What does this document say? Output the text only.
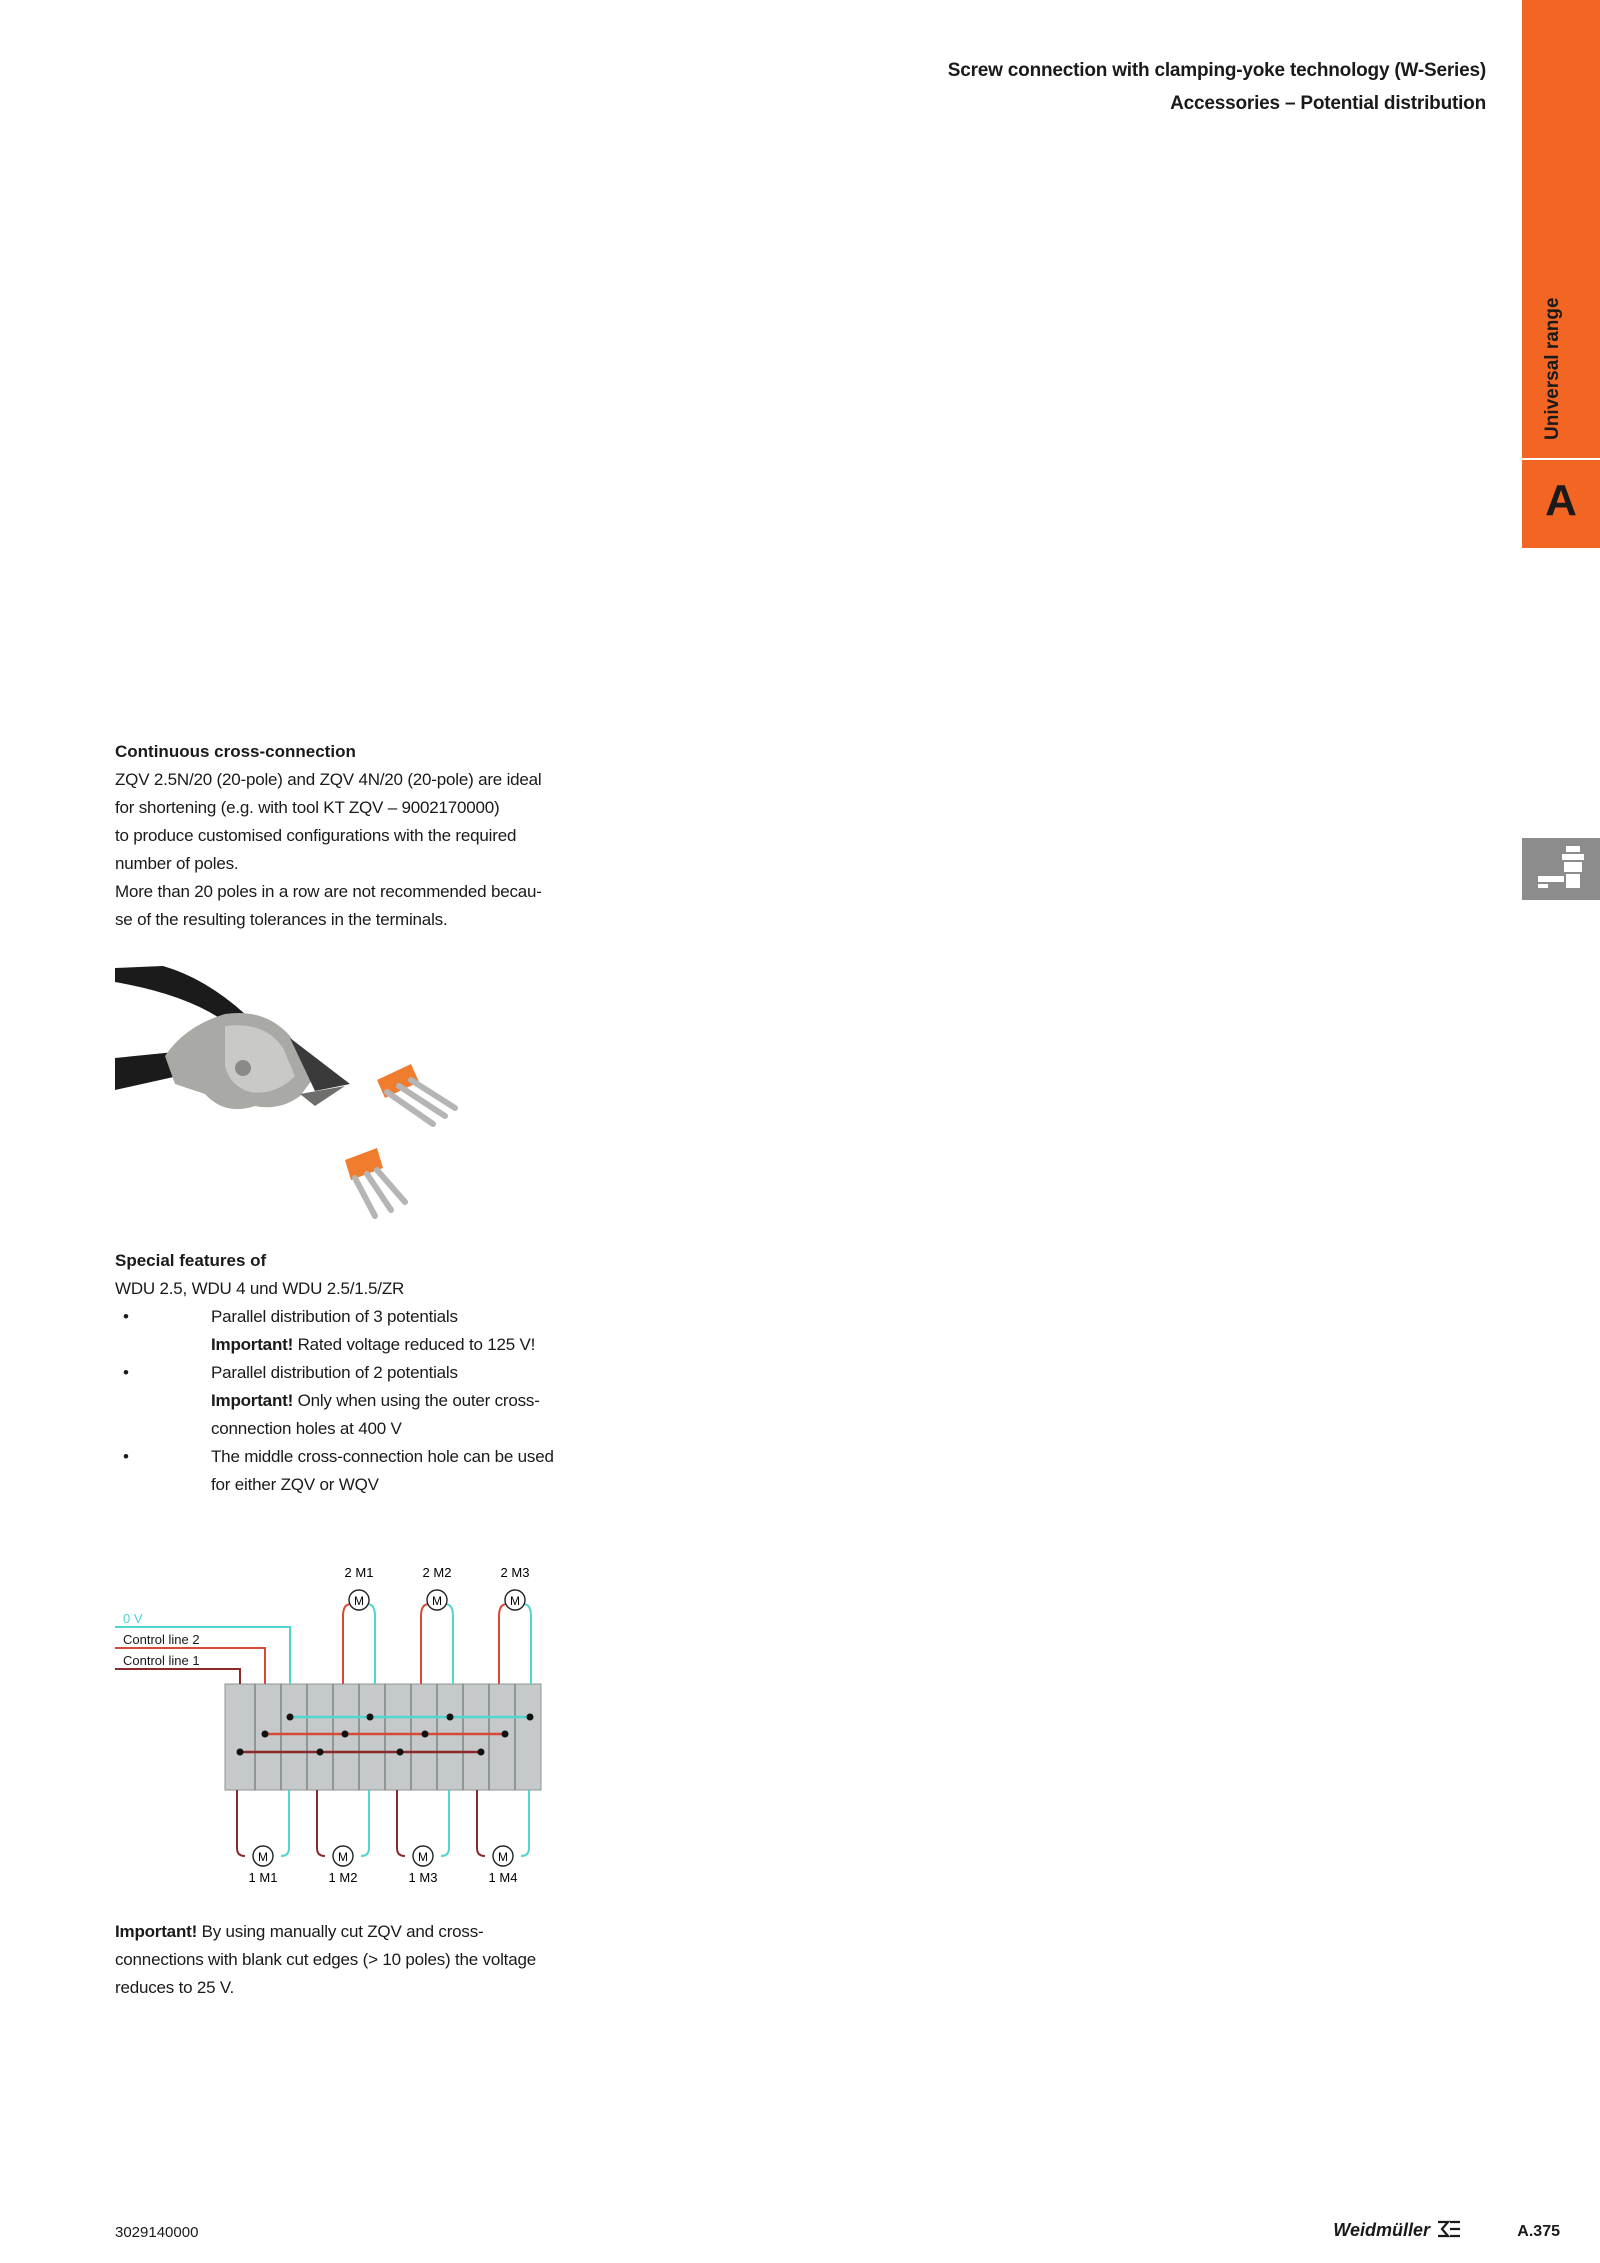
Screw connection with clamping-yoke technology (W-Series)
Accessories – Potential distribution
Universal range
A
Continuous cross-connection

ZQV 2.5N/20 (20-pole) and ZQV 4N/20 (20-pole) are ideal

for shortening (e.g. with tool KT ZQV – 9002170000)

to produce customised configurations with the required

number of poles.

More than 20 poles in a row are not recommended becau-

se of the resulting tolerances in the terminals.

Special features of

WDU 2.5, WDU 4 und WDU 2.5/1.5/ZR

•	Parallel distribution of 3 potentials
Important! Rated voltage reduced to 125 V!
•	Parallel distribution of 2 potentials
Important! Only when using the outer cross-
connection holes at 400 V
•	The middle cross-connection hole can be used
for either ZQV or WQV
0 V
Control line 2
Control line 1
M
2 M1
M
2 M2
M
2 M3
M
1 M1
M
1 M2
M
1 M3
M
1 M4

Important! By using manually cut ZQV and cross-

connections with blank cut edges (> 10 poles) the voltage

reduces to 25 V.

3029140000	Weidmüller	A.375
